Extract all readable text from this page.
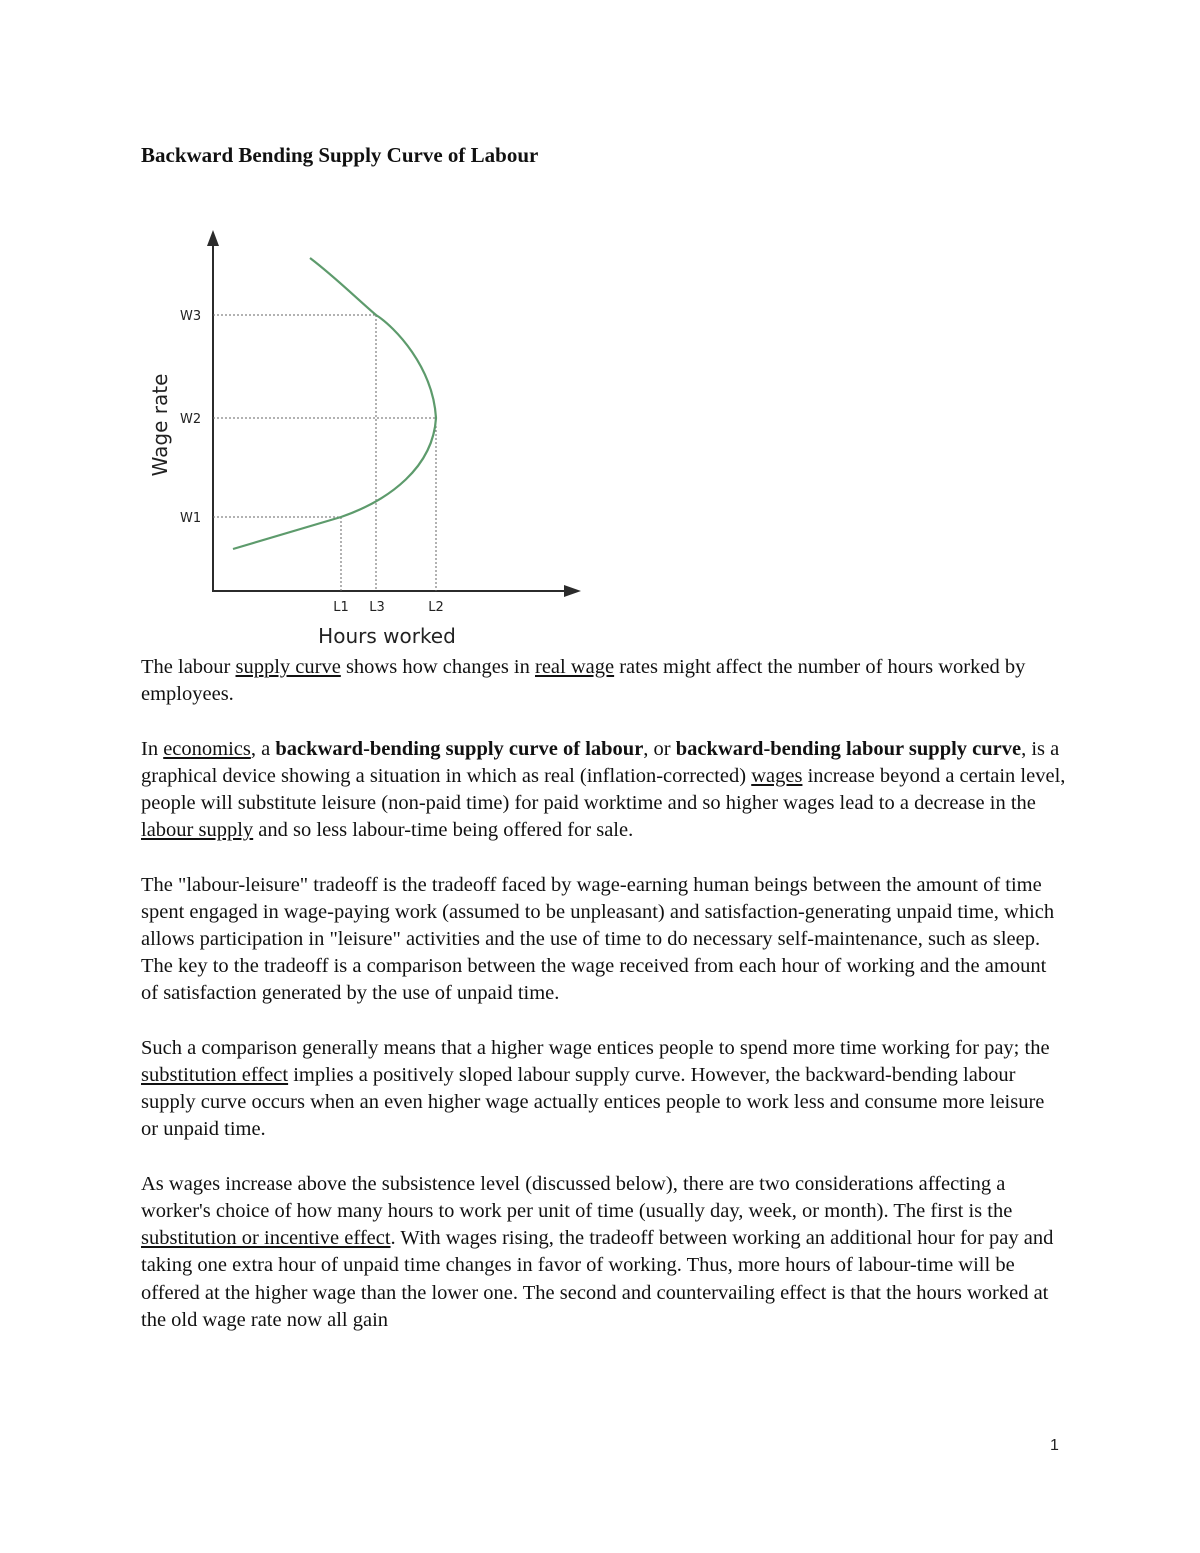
Backward Bending Supply Curve of Labour
W3
W2
W1
L1 L3	L2
Hours worked
Wage rate

The labour supply curve shows how changes in real wage rates might affect the number of hours worked by employees.

In economics, a backward-bending supply curve of labour, or backward-bending labour supply curve, is a graphical device showing a situation in which as real (inflation-corrected) wages increase beyond a certain level, people will substitute leisure (non-paid time) for paid worktime and so higher wages lead to a decrease in the labour supply and so less labour-time being offered for sale.

The "labour-leisure" tradeoff is the tradeoff faced by wage-earning human beings between the amount of time spent engaged in wage-paying work (assumed to be unpleasant) and satisfaction-generating unpaid time, which allows participation in "leisure" activities and the use of time to do necessary self-maintenance, such as sleep. The key to the tradeoff is a comparison between the wage received from each hour of working and the amount of satisfaction generated by the use of unpaid time.

Such a comparison generally means that a higher wage entices people to spend more time working for pay; the substitution effect implies a positively sloped labour supply curve. However, the backward-bending labour supply curve occurs when an even higher wage actually entices people to work less and consume more leisure or unpaid time.

As wages increase above the subsistence level (discussed below), there are two considerations affecting a worker's choice of how many hours to work per unit of time (usually day, week, or month). The first is the substitution or incentive effect. With wages rising, the tradeoff between working an additional hour for pay and taking one extra hour of unpaid time changes in favor of working. Thus, more hours of labour-time will be offered at the higher wage than the lower one. The second and countervailing effect is that the hours worked at the old wage rate now all gain

1
